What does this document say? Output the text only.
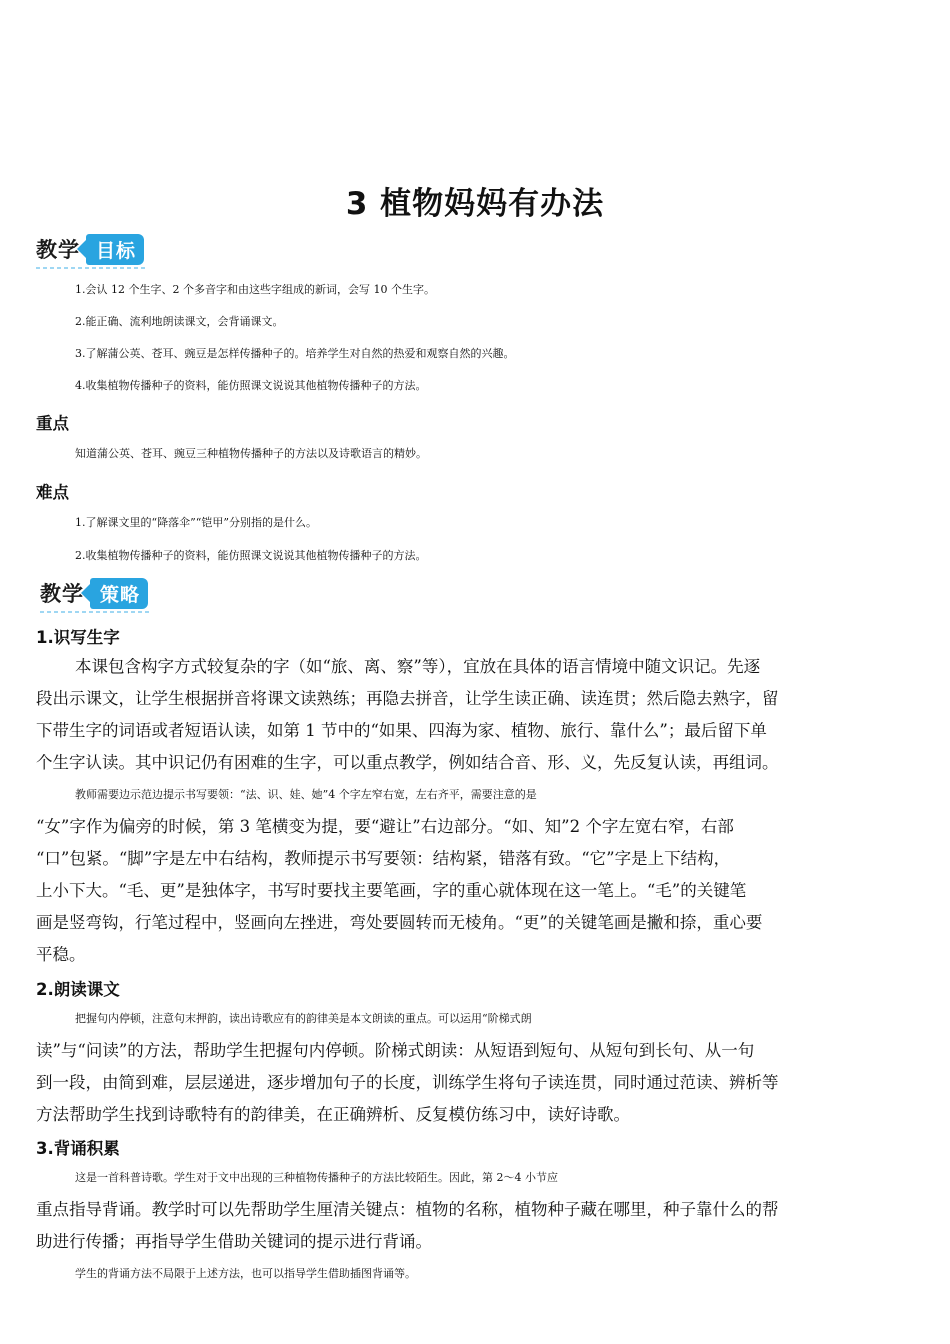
3 植物妈妈有办法
教学 目标
1.会认 12 个生字、2 个多音字和由这些字组成的新词，会写 10 个生字。
2.能正确、流利地朗读课文，会背诵课文。
3.了解蒲公英、苍耳、豌豆是怎样传播种子的。培养学生对自然的热爱和观察自然的兴趣。
4.收集植物传播种子的资料，能仿照课文说说其他植物传播种子的方法。
重点
知道蒲公英、苍耳、豌豆三种植物传播种子的方法以及诗歌语言的精妙。
难点
1.了解课文里的“降落伞”“铠甲”分别指的是什么。
2.收集植物传播种子的资料，能仿照课文说说其他植物传播种子的方法。
教学 策略
1.识写生字
本课包含构字方式较复杂的字（如“旅、离、察”等），宜放在具体的语言情境中随文识记。先逐
段出示课文，让学生根据拼音将课文读熟练；再隐去拼音，让学生读正确、读连贯；然后隐去熟字，留
下带生字的词语或者短语认读，如第 1 节中的“如果、四海为家、植物、旅行、靠什么”；最后留下单
个生字认读。其中识记仍有困难的生字，可以重点教学，例如结合音、形、义，先反复认读，再组词。
教师需要边示范边提示书写要领：“法、识、娃、她”4 个字左窄右宽，左右齐平，需要注意的是
“女”字作为偏旁的时候，第 3 笔横变为提，要“避让”右边部分。“如、知”2 个字左宽右窄，右部
“口”包紧。“脚”字是左中右结构，教师提示书写要领：结构紧，错落有致。“它”字是上下结构，
上小下大。“毛、更”是独体字，书写时要找主要笔画，字的重心就体现在这一笔上。“毛”的关键笔
画是竖弯钩，行笔过程中，竖画向左挫进，弯处要圆转而无棱角。“更”的关键笔画是撇和捺，重心要
平稳。
2.朗读课文
把握句内停顿，注意句末押韵，读出诗歌应有的韵律美是本文朗读的重点。可以运用“阶梯式朗
读”与“问读”的方法，帮助学生把握句内停顿。阶梯式朗读：从短语到短句、从短句到长句、从一句
到一段，由简到难，层层递进，逐步增加句子的长度，训练学生将句子读连贯，同时通过范读、辨析等
方法帮助学生找到诗歌特有的韵律美，在正确辨析、反复模仿练习中，读好诗歌。
3.背诵积累
这是一首科普诗歌。学生对于文中出现的三种植物传播种子的方法比较陌生。因此，第 2～4 小节应
重点指导背诵。教学时可以先帮助学生厘清关键点：植物的名称，植物种子藏在哪里，种子靠什么的帮
助进行传播；再指导学生借助关键词的提示进行背诵。
学生的背诵方法不局限于上述方法，也可以指导学生借助插图背诵等。
